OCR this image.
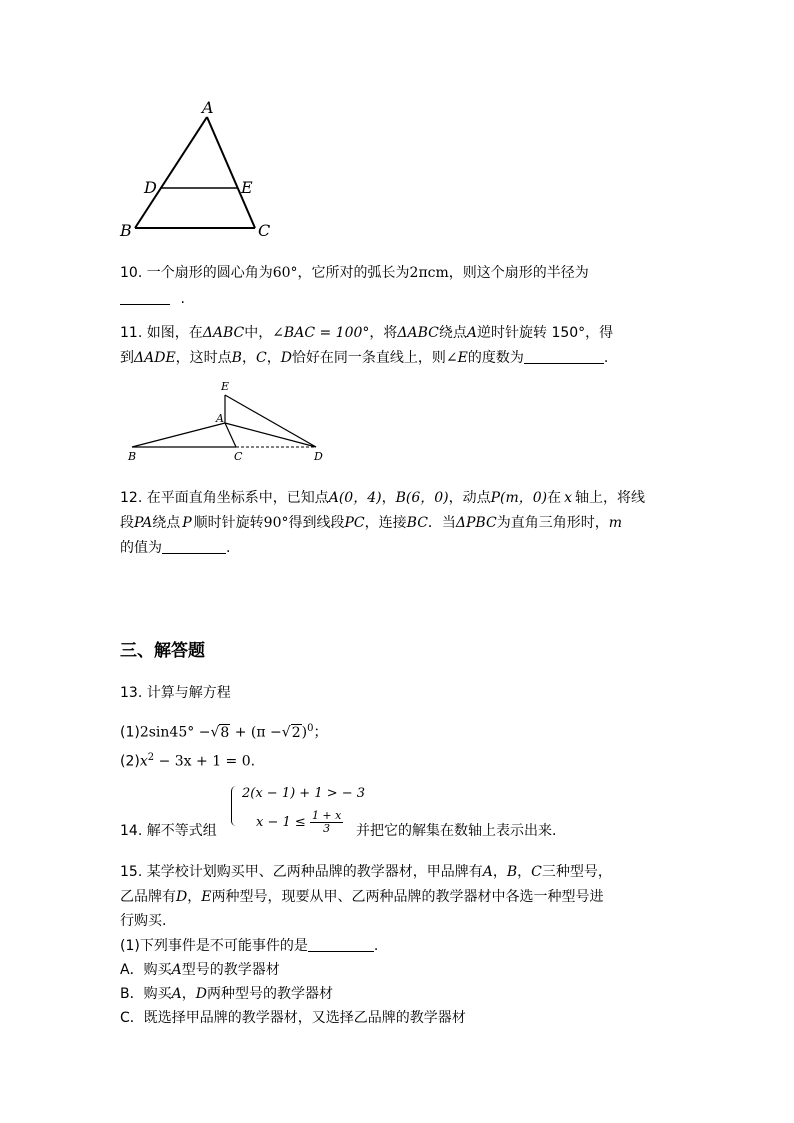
A
D	E
B	C
10. 一个扇形的圆心角为60°，它所对的弧长为2πcm，则这个扇形的半径为
.
11. 如图，在ΔABC中，∠BAC = 100°，将ΔABC绕点A逆时针旋转 150°，得
到ΔADE，这时点B，C，D恰好在同一条直线上，则∠E的度数为	.
E
A
B	C	D
12. 在平面直角坐标系中，已知点A(0，4)，B(6，0)，动点P(m，0)在 x 轴上，将线
段PA绕点 P 顺时针旋转90°得到线段PC，连接BC．当ΔPBC为直角三角形时，m
的值为	.
三、解答题
13. 计算与解方程
$(1)2\sin 45^\circ -√8 + (\pi -√2)^0$；
$(2)x^2 - 3x + 1 = 0$.
2(x − 1) + 1 > − 3
$x - 1 \le \frac{1 + x}{3}$
14. 解不等式组	并把它的解集在数轴上表示出来.
15. 某学校计划购买甲、乙两种品牌的教学器材，甲品牌有A，B，C三种型号，
乙品牌有D，E两种型号，现要从甲、乙两种品牌的教学器材中各选一种型号进
行购买.
(1)下列事件是不可能事件的是	.
A．购买A型号的教学器材
B．购买A，D两种型号的教学器材
C．既选择甲品牌的教学器材，又选择乙品牌的教学器材
